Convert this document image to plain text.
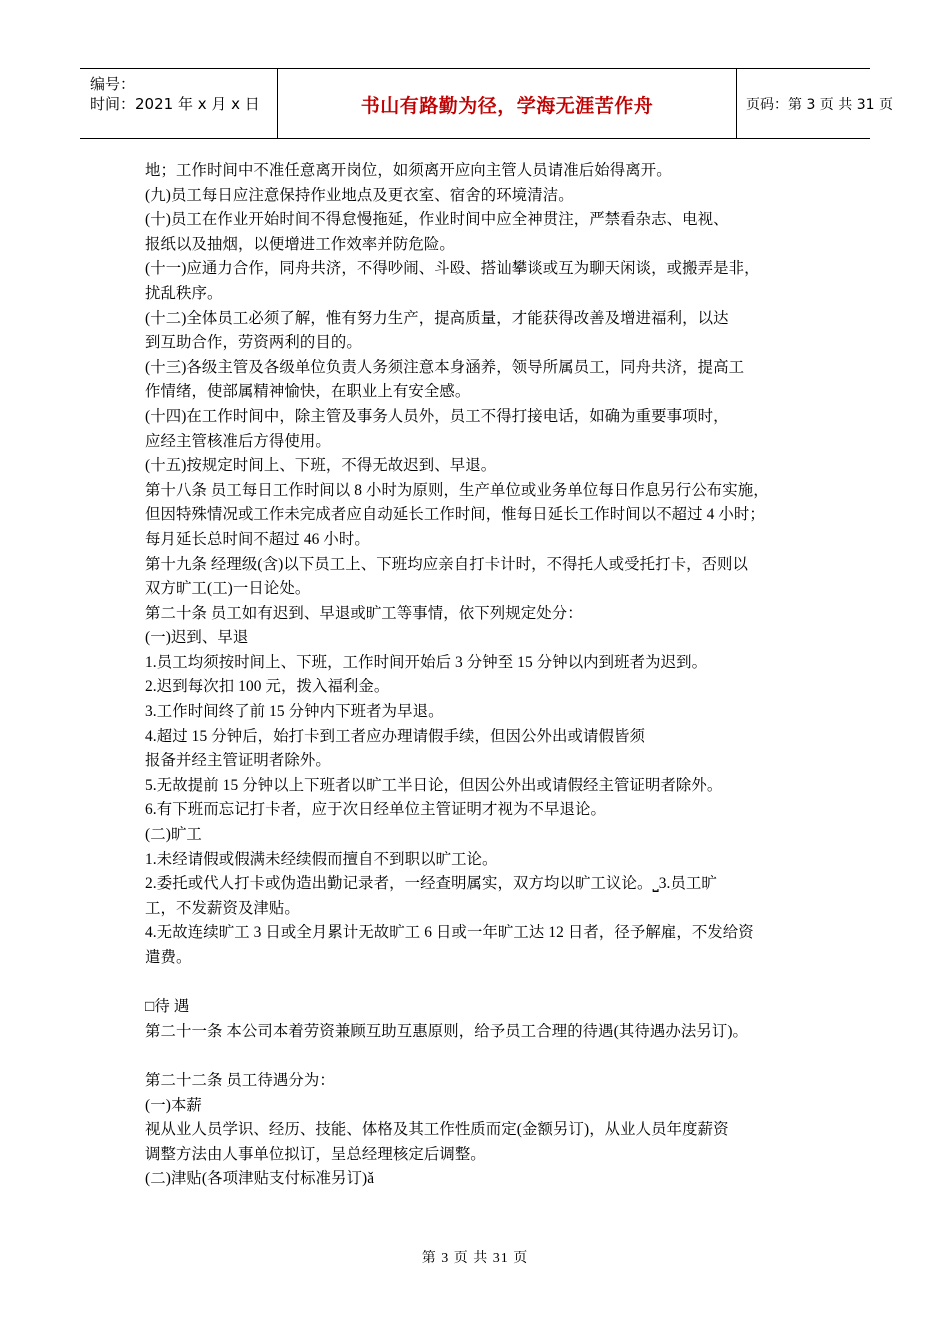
编号：
时间：2021 年 x 月 x 日	书山有路勤为径，学海无涯苦作舟	页码：第 3 页 共 31 页
地；工作时间中不准任意离开岗位，如须离开应向主管人员请准后始得离开。
(九)员工每日应注意保持作业地点及更衣室、宿舍的环境清洁。
(十)员工在作业开始时间不得怠慢拖延，作业时间中应全神贯注，严禁看杂志、电视、
报纸以及抽烟，以便增进工作效率并防危险。
(十一)应通力合作，同舟共济，不得吵闹、斗殴、搭讪攀谈或互为聊天闲谈，或搬弄是非，
扰乱秩序。
(十二)全体员工必须了解，惟有努力生产，提高质量，才能获得改善及增进福利，以达
到互助合作，劳资两利的目的。
(十三)各级主管及各级单位负责人务须注意本身涵养，领导所属员工，同舟共济，提高工
作情绪，使部属精神愉快，在职业上有安全感。
(十四)在工作时间中，除主管及事务人员外，员工不得打接电话，如确为重要事项时，
应经主管核准后方得使用。
(十五)按规定时间上、下班，不得无故迟到、早退。
第十八条 员工每日工作时间以 8 小时为原则，生产单位或业务单位每日作息另行公布实施，
但因特殊情况或工作未完成者应自动延长工作时间，惟每日延长工作时间以不超过 4 小时；
每月延长总时间不超过 46 小时。
第十九条 经理级(含)以下员工上、下班均应亲自打卡计时，不得托人或受托打卡，否则以
双方旷工(工)一日论处。
第二十条 员工如有迟到、早退或旷工等事情，依下列规定处分：
(一)迟到、早退
1.员工均须按时间上、下班，工作时间开始后 3 分钟至 15 分钟以内到班者为迟到。
2.迟到每次扣 100 元，拨入福利金。
3.工作时间终了前 15 分钟内下班者为早退。
4.超过 15 分钟后，始打卡到工者应办理请假手续，但因公外出或请假皆须
报备并经主管证明者除外。
5.无故提前 15 分钟以上下班者以旷工半日论，但因公外出或请假经主管证明者除外。
6.有下班而忘记打卡者，应于次日经单位主管证明才视为不早退论。
(二)旷工
1.未经请假或假满未经续假而擅自不到职以旷工论。
2.委托或代人打卡或伪造出勤记录者，一经查明属实，双方均以旷工议论。⎵3.员工旷
工，不发薪资及津贴。
4.无故连续旷工 3 日或全月累计无故旷工 6 日或一年旷工达 12 日者，径予解雇，不发给资
遣费。
□待 遇
第二十一条 本公司本着劳资兼顾互助互惠原则，给予员工合理的待遇(其待遇办法另订)。
第二十二条 员工待遇分为：
(一)本薪
视从业人员学识、经历、技能、体格及其工作性质而定(金额另订)，从业人员年度薪资
调整方法由人事单位拟订，呈总经理核定后调整。
(二)津贴(各项津贴支付标准另订)ǎ
第 3 页 共 31 页
